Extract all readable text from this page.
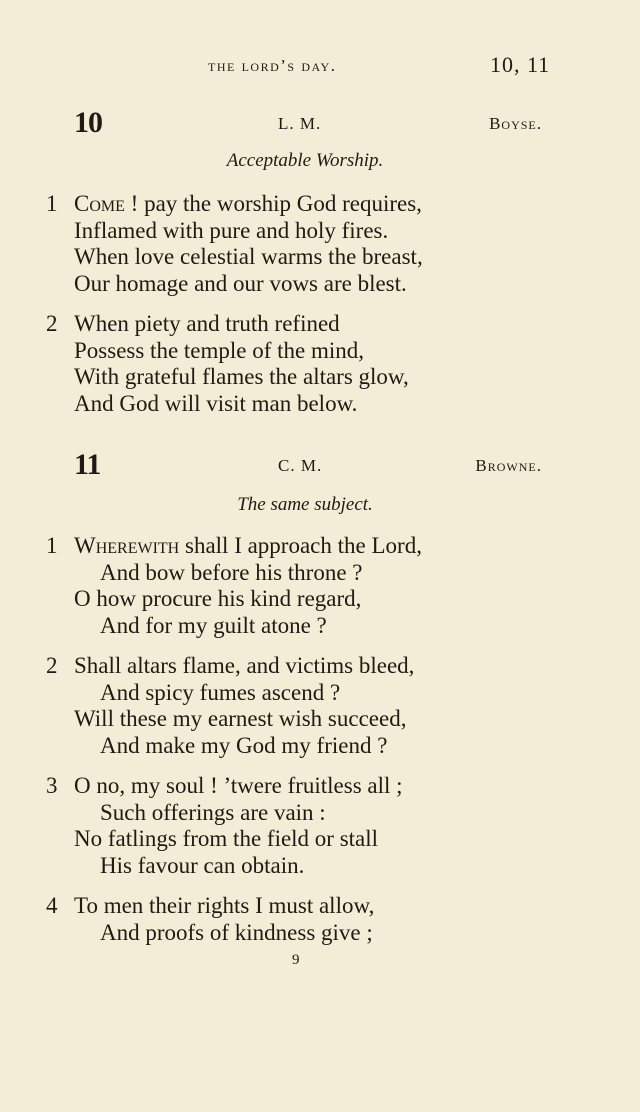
the lord’s day.	10, 11
10	L. M.	Boyse.
Acceptable Worship.
1 Come ! pay the worship God requires,
Inflamed with pure and holy fires.
When love celestial warms the breast,
Our homage and our vows are blest.
2 When piety and truth refined
Possess the temple of the mind,
With grateful flames the altars glow,
And God will visit man below.
11	C. M.	Browne.
The same subject.
1 Wherewith shall I approach the Lord,
And bow before his throne ?
O how procure his kind regard,
And for my guilt atone ?
2 Shall altars flame, and victims bleed,
And spicy fumes ascend ?
Will these my earnest wish succeed,
And make my God my friend ?
3 O no, my soul ! ’twere fruitless all ;
Such offerings are vain :
No fatlings from the field or stall
His favour can obtain.
4 To men their rights I must allow,
And proofs of kindness give ;
9
